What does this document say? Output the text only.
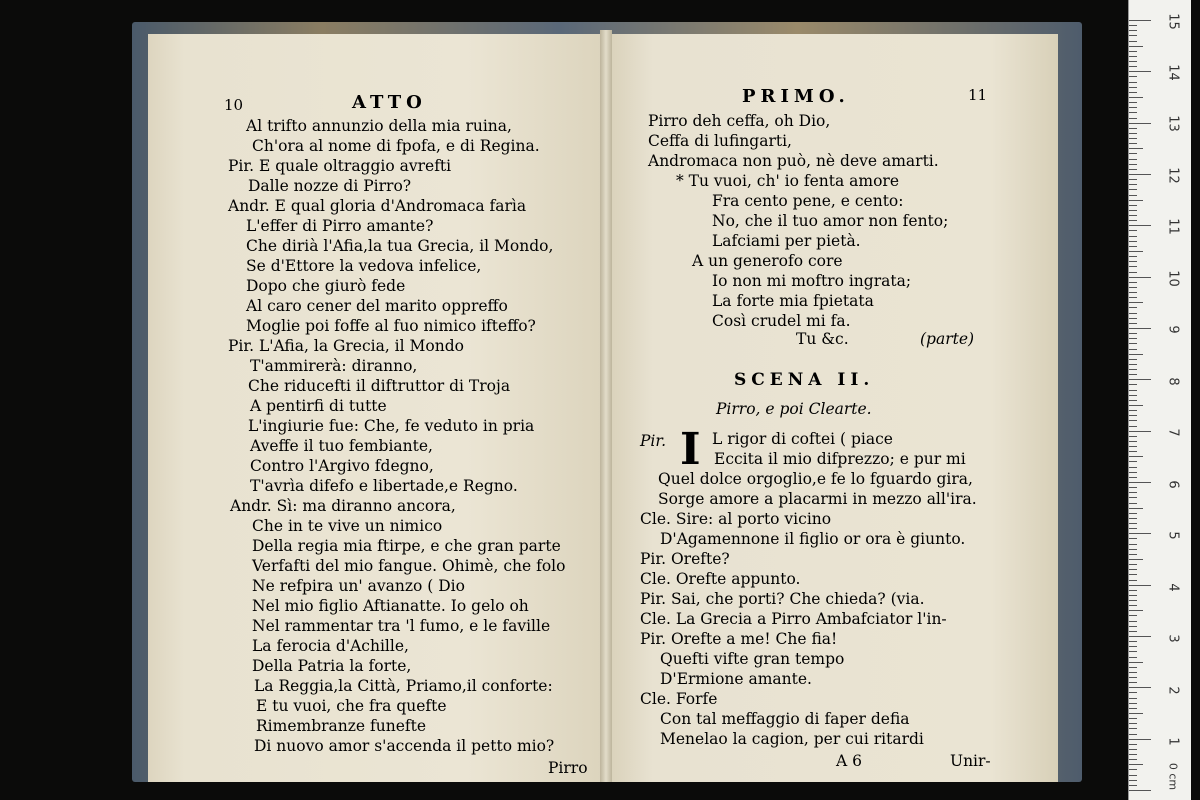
10	ATTO
Al trifto annunzio della mia ruina,
Ch'ora al nome di fpofa, e di Regina.
Pir. E quale oltraggio avrefti
Dalle nozze di Pirro?
Andr. E qual gloria d'Andromaca farìa
L'effer di Pirro amante?
Che dirià l'Afia,la tua Grecia, il Mondo,
Se d'Ettore la vedova infelice,
Dopo che giurò fede
Al caro cener del marito oppreffo
Moglie poi foffe al fuo nimico ifteffo?
Pir. L'Afia, la Grecia, il Mondo
T'ammirerà: diranno,
Che riducefti il diftruttor di Troja
A pentirfi di tutte
L'ingiurie fue: Che, fe veduto in pria
Aveffe il tuo fembiante,
Contro l'Argivo fdegno,
T'avrìa difefo e libertade,e Regno.
Andr. Sì: ma diranno ancora,
Che in te vive un nimico
Della regia mia ftirpe, e che gran parte
Verfafti del mio fangue. Ohimè, che folo
Ne refpira un' avanzo ( Dio
Nel mio figlio Aftianatte. Io gelo oh
Nel rammentar tra 'l fumo, e le faville
La ferocia d'Achille,
Della Patria la forte,
La Reggia,la Città, Priamo,il conforte:
E tu vuoi, che fra quefte
Rimembranze funefte
Di nuovo amor s'accenda il petto mio?
Pirro
PRIMO.	11
Pirro deh ceffa, oh Dio,
Ceffa di lufingarti,
Andromaca non può, nè deve amarti.
* Tu vuoi, ch' io fenta amore
Fra cento pene, e cento:
No, che il tuo amor non fento;
Lafciami per pietà.
A un generofo core
Io non mi moftro ingrata;
La forte mia fpietata
Così crudel mi fa.
Tu &c.	(parte)
SCENA II.
Pirro, e poi Clearte.
Pir. I L rigor di coftei ( piace
Eccita il mio difprezzo; e pur mi
Quel dolce orgoglio,e fe lo fguardo gira,
Sorge amore a placarmi in mezzo all'ira.
Cle. Sire: al porto vicino
D'Agamennone il figlio or ora è giunto.
Pir. Orefte?
Cle. Orefte appunto.
Pir. Sai, che porti? Che chieda? (via.
Cle. La Grecia a Pirro Ambafciator l'in-
Pir. Orefte a me! Che fia!
Quefti vifte gran tempo
D'Ermione amante.
Cle. Forfe
Con tal meffaggio di faper defia
Menelao la cagion, per cui ritardi
A 6	Unir-
15
14
13
12
11
10
9
8
7
6
5
4
3
2
1
0 cm
